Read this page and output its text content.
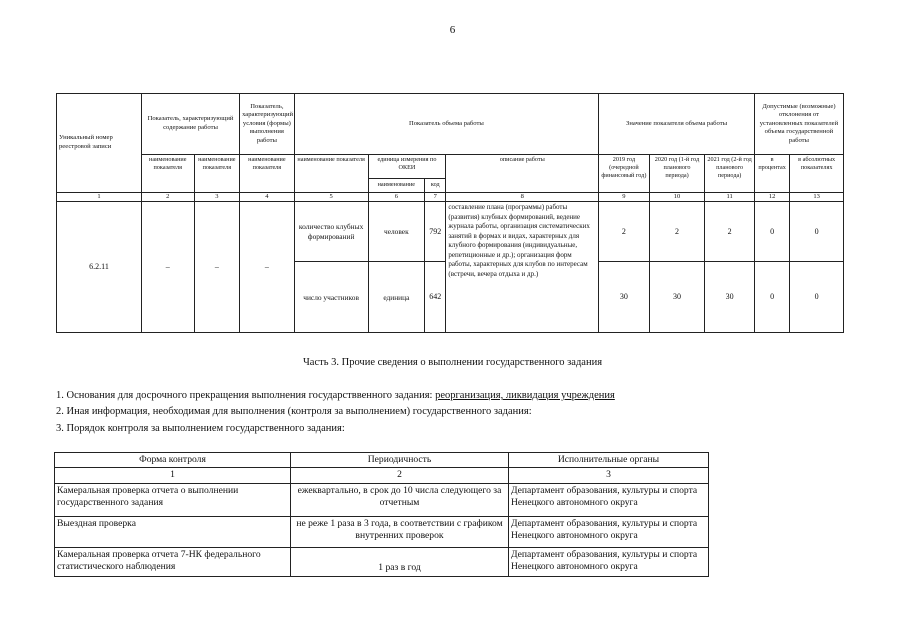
6
Уникальный номер реестровой записи	Показатель, характеризующий содержание работы		Показатель, характеризующий условия (формы) выполнения работы	Показатель объема работы				Значение показателя объема работы			Допустимые (возможные) отклонения от установленных показателей объема государственной работы	
	наименование показателя	наименование показателя	наименование показателя	наименование показателя	единица измерения по ОКЕИ		описание работы	2019 год (очередной финансовый год)	2020 год (1-й год планового периода)	2021 год (2-й год планового периода)	в процентах	в абсолютных показателях
					наименование	код						
1	2	3	4	5	6	7	8	9	10	11	12	13
6.2.11	–	–	–	количество клубных формирований	человек	792	составление плана (программы) работы (развития) клубных формирований, ведение журнала работы, организация систематических занятий в формах и видах, характерных для клубного формирования (индивидуальные, репетиционные и др.); организация форм работы, характерных для клубов по интересам (встречи, вечера отдыха и др.)	2	2	2	0	0
				число участников	единица	642		30	30	30	0	0
Часть 3. Прочие сведения о выполнении государственного задания
1. Основания для досрочного прекращения выполнения государстввенного задания: реорганизация, ликвидация учреждения
2. Иная информация, необходимая для выполнения (контроля за выполнением) государственного задания:
3. Порядок контроля за выполнением государственного задания:
Форма контроля	Периодичность	Исполнительные органы
1	2	3
Камеральная проверка отчета о выполнении государственного задания	ежеквартально, в срок до 10 числа следующего за отчетным	Департамент образования, культуры и спорта Ненецкого автономного округа
Выездная проверка	не реже 1 раза в 3 года, в соответствии с графиком внутренних проверок	Департамент образования, культуры и спорта Ненецкого автономного округа
Камеральная проверка отчета 7-НК федерального статистического наблюдения	1 раз в год	Департамент образования, культуры и спорта Ненецкого автономного округа
